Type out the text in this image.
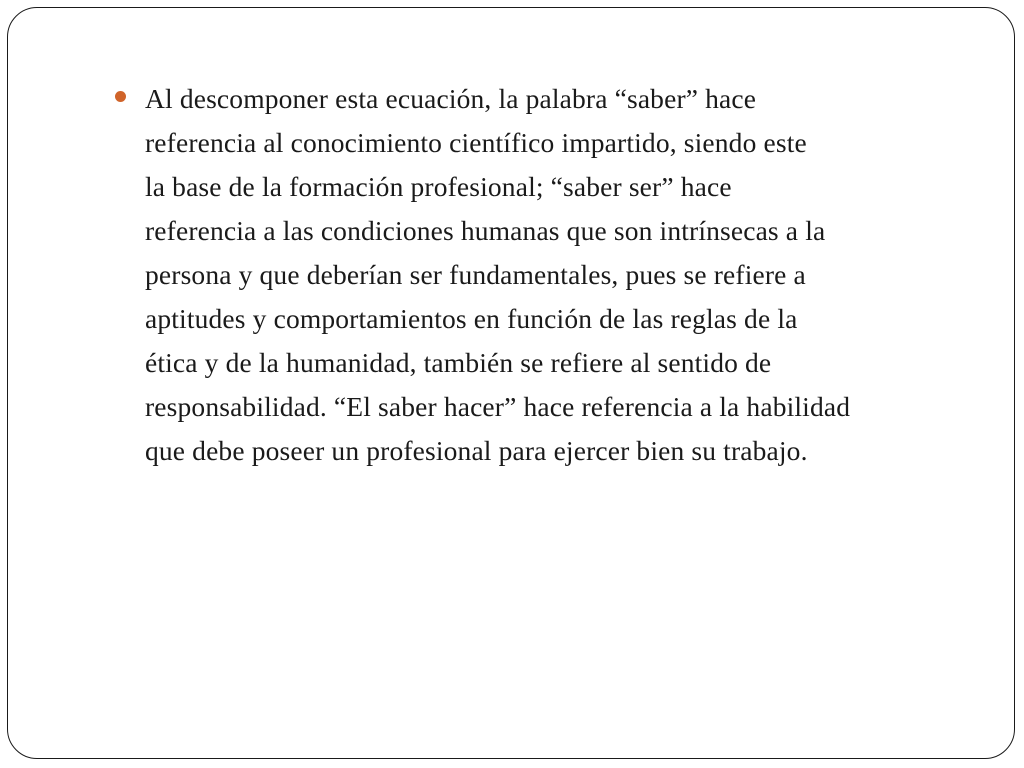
Al descomponer esta ecuación, la palabra “saber” hace
referencia al conocimiento científico impartido, siendo este
la base de la formación profesional; “saber ser” hace
referencia a las condiciones humanas que son intrínsecas a la
persona y que deberían ser fundamentales, pues se refiere a
aptitudes y comportamientos en función de las reglas de la
ética y de la humanidad, también se refiere al sentido de
responsabilidad. “El saber hacer” hace referencia a la habilidad
que debe poseer un profesional para ejercer bien su trabajo.
